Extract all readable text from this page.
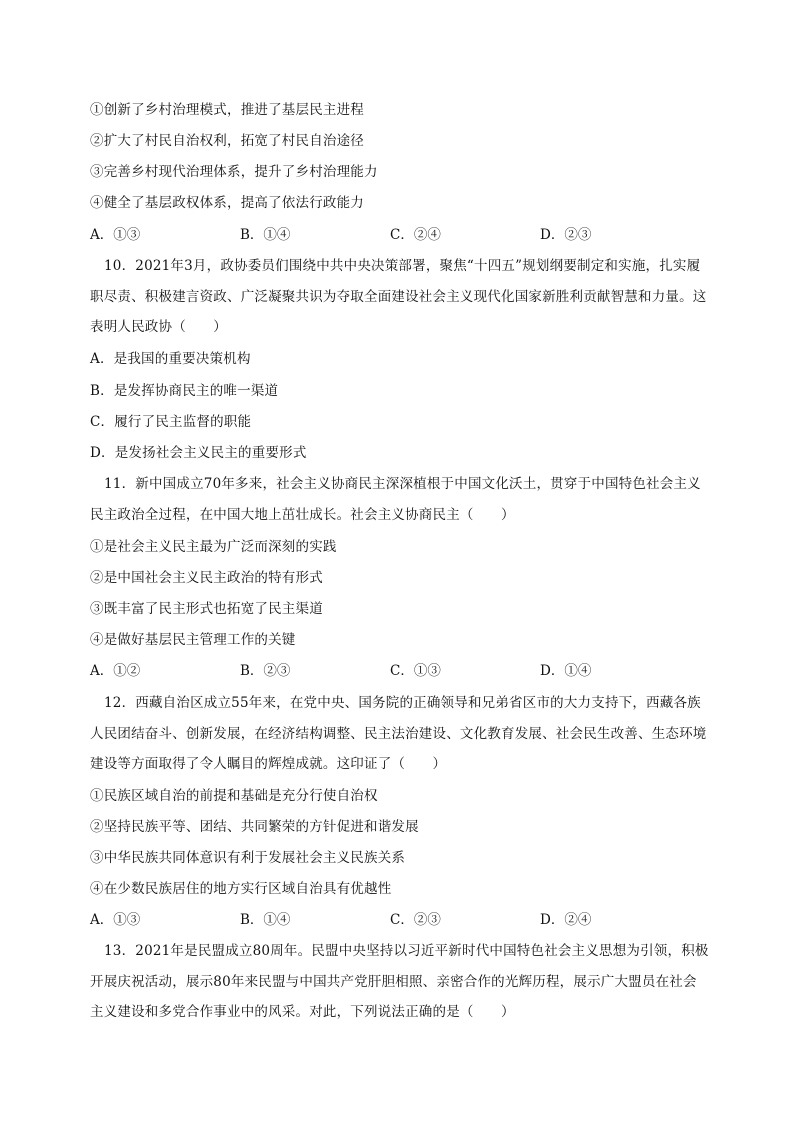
①创新了乡村治理模式，推进了基层民主进程
②扩大了村民自治权利，拓宽了村民自治途径
③完善乡村现代治理体系，提升了乡村治理能力
④健全了基层政权体系，提高了依法行政能力
A．①③	B．①④	C．②④	D．②③
10．2021年3月，政协委员们围绕中共中央决策部署，聚焦“十四五”规划纲要制定和实施，扎实履职尽责、积极建言资政、广泛凝聚共识为夺取全面建设社会主义现代化国家新胜利贡献智慧和力量。这表明人民政协（　　）
A．是我国的重要决策机构
B．是发挥协商民主的唯一渠道
C．履行了民主监督的职能
D．是发扬社会主义民主的重要形式
11．新中国成立70年多来，社会主义协商民主深深植根于中国文化沃土，贯穿于中国特色社会主义民主政治全过程，在中国大地上茁壮成长。社会主义协商民主（　　）
①是社会主义民主最为广泛而深刻的实践
②是中国社会主义民主政治的特有形式
③既丰富了民主形式也拓宽了民主渠道
④是做好基层民主管理工作的关键
A．①②	B．②③	C．①③	D．①④
12．西藏自治区成立55年来，在党中央、国务院的正确领导和兄弟省区市的大力支持下，西藏各族人民团结奋斗、创新发展，在经济结构调整、民主法治建设、文化教育发展、社会民生改善、生态环境建设等方面取得了令人瞩目的辉煌成就。这印证了（　　）
①民族区域自治的前提和基础是充分行使自治权
②坚持民族平等、团结、共同繁荣的方针促进和谐发展
③中华民族共同体意识有利于发展社会主义民族关系
④在少数民族居住的地方实行区域自治具有优越性
A．①③	B．①④	C．②③	D．②④
13．2021年是民盟成立80周年。民盟中央坚持以习近平新时代中国特色社会主义思想为引领，积极开展庆祝活动，展示80年来民盟与中国共产党肝胆相照、亲密合作的光辉历程，展示广大盟员在社会主义建设和多党合作事业中的风采。对此，下列说法正确的是（　　）
